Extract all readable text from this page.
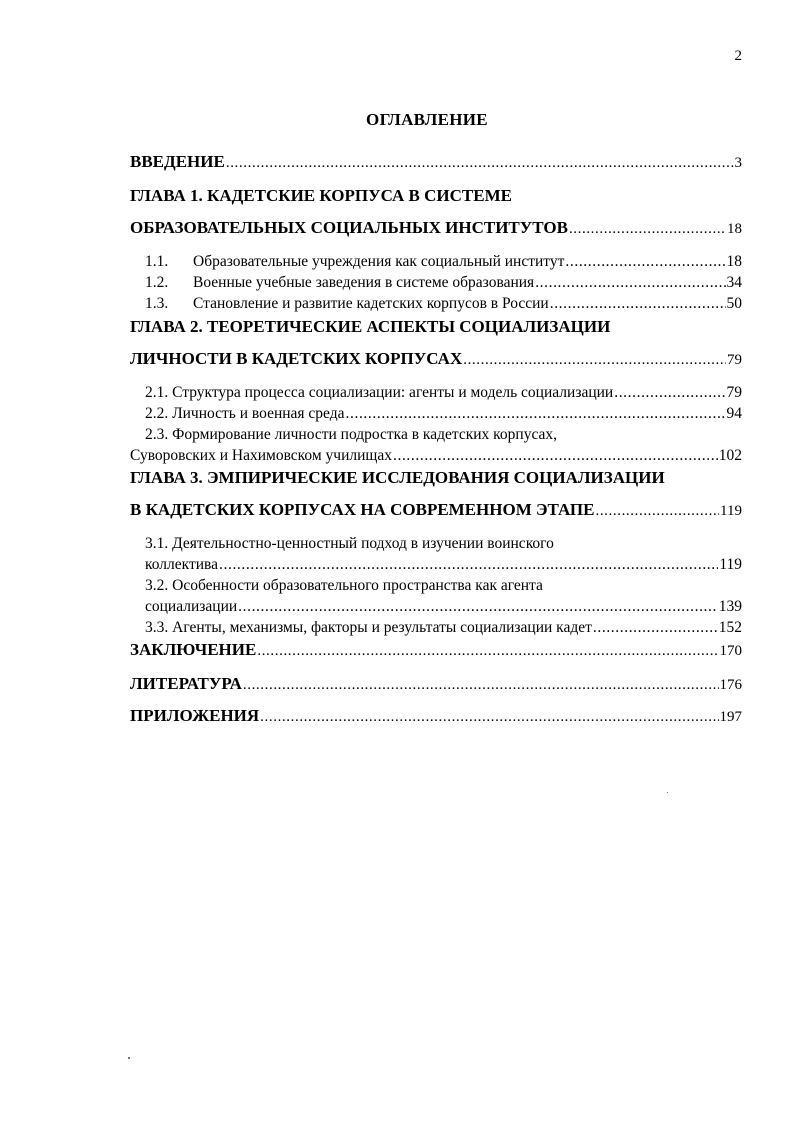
2
ОГЛАВЛЕНИЕ
ВВЕДЕНИЕ .....	3
ГЛАВА 1. КАДЕТСКИЕ КОРПУСА В СИСТЕМЕ
ОБРАЗОВАТЕЛЬНЫХ СОЦИАЛЬНЫХ ИНСТИТУТОВ .....	18
1.1. Образовательные учреждения как социальный институт .....	18
1.2. Военные учебные заведения в системе образования .....	34
1.3. Становление и развитие кадетских корпусов в России .....	50
ГЛАВА 2. ТЕОРЕТИЧЕСКИЕ АСПЕКТЫ СОЦИАЛИЗАЦИИ
ЛИЧНОСТИ В КАДЕТСКИХ КОРПУСАХ .....	79
2.1. Структура процесса социализации: агенты и модель социализации .....	79
2.2. Личность и военная среда .....	94
2.3. Формирование личности подростка в кадетских корпусах,
Суворовских и Нахимовском училищах .....	102
ГЛАВА 3. ЭМПИРИЧЕСКИЕ ИССЛЕДОВАНИЯ СОЦИАЛИЗАЦИИ
В КАДЕТСКИХ КОРПУСАХ НА СОВРЕМЕННОМ ЭТАПЕ .....	119
3.1. Деятельностно-ценностный подход в изучении воинского
коллектива .....	119
3.2. Особенности образовательного пространства как агента
социализации .....	139
3.3. Агенты, механизмы, факторы и результаты социализации кадет .....	152
ЗАКЛЮЧЕНИЕ .....	170
ЛИТЕРАТУРА .....	176
ПРИЛОЖЕНИЯ .....	197
